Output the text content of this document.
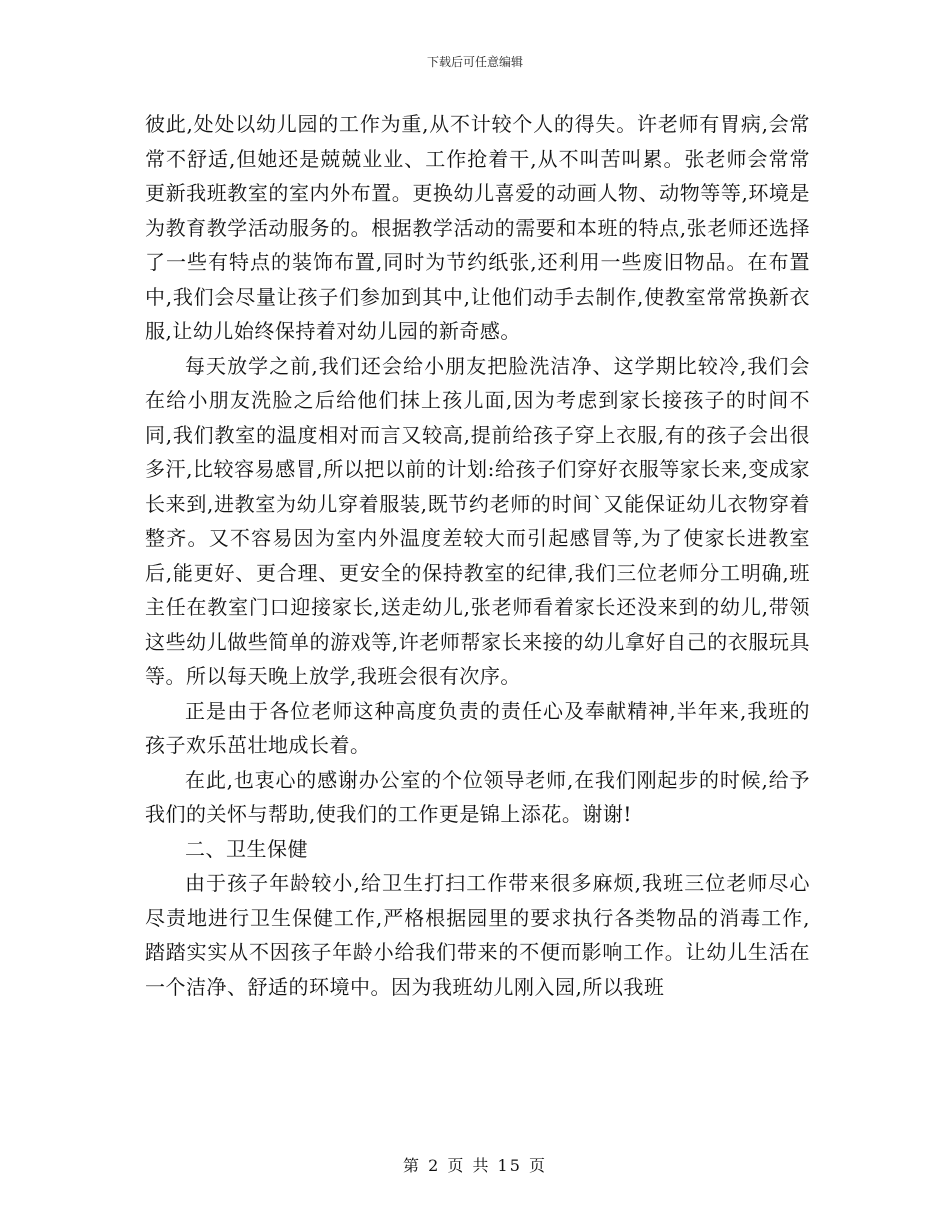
下载后可任意编辑

彼此,处处以幼儿园的工作为重,从不计较个人的得失。许老师有胃病,会常常不舒适,但她还是兢兢业业、工作抢着干,从不叫苦叫累。张老师会常常更新我班教室的室内外布置。更换幼儿喜爱的动画人物、动物等等,环境是为教育教学活动服务的。根据教学活动的需要和本班的特点,张老师还选择了一些有特点的装饰布置,同时为节约纸张,还利用一些废旧物品。在布置中,我们会尽量让孩子们参加到其中,让他们动手去制作,使教室常常换新衣服,让幼儿始终保持着对幼儿园的新奇感。

每天放学之前,我们还会给小朋友把脸洗洁净、这学期比较冷,我们会在给小朋友洗脸之后给他们抹上孩儿面,因为考虑到家长接孩子的时间不同,我们教室的温度相对而言又较高,提前给孩子穿上衣服,有的孩子会出很多汗,比较容易感冒,所以把以前的计划:给孩子们穿好衣服等家长来,变成家长来到,进教室为幼儿穿着服装,既节约老师的时间`又能保证幼儿衣物穿着整齐。又不容易因为室内外温度差较大而引起感冒等,为了使家长进教室后,能更好、更合理、更安全的保持教室的纪律,我们三位老师分工明确,班主任在教室门口迎接家长,送走幼儿,张老师看着家长还没来到的幼儿,带领这些幼儿做些简单的游戏等,许老师帮家长来接的幼儿拿好自己的衣服玩具等。所以每天晚上放学,我班会很有次序。

正是由于各位老师这种高度负责的责任心及奉献精神,半年来,我班的孩子欢乐茁壮地成长着。

在此,也衷心的感谢办公室的个位领导老师,在我们刚起步的时候,给予我们的关怀与帮助,使我们的工作更是锦上添花。谢谢!

二、卫生保健

由于孩子年龄较小,给卫生打扫工作带来很多麻烦,我班三位老师尽心尽责地进行卫生保健工作,严格根据园里的要求执行各类物品的消毒工作,踏踏实实从不因孩子年龄小给我们带来的不便而影响工作。让幼儿生活在一个洁净、舒适的环境中。因为我班幼儿刚入园,所以我班

第 2 页 共 15 页
